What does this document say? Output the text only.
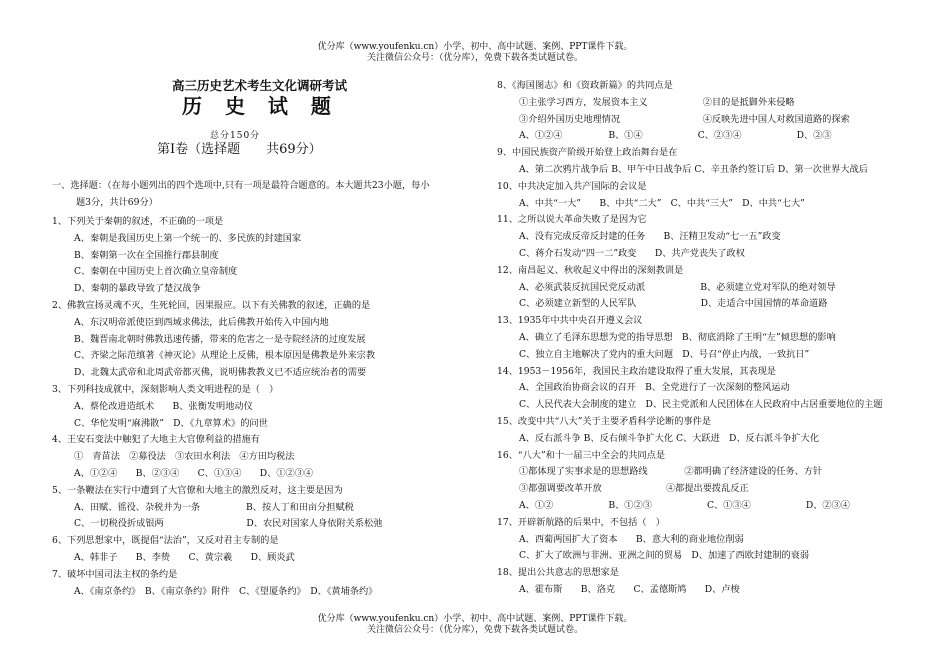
优分库（www.youfenku.cn）小学、初中、高中试题、案例、PPT课件下载。
关注微信公众号：（优分库），免费下载各类试题试卷。
高三历史艺术考生文化调研考试
历 史 试 题
总分150分
第Ⅰ卷（选择题　　共69分）
一、选择题：（在每小题列出的四个选项中,只有一项是最符合题意的。本大题共23小题，每小
题3分，共计69分）
1、下列关于秦朝的叙述，不正确的一项是
A、秦朝是我国历史上第一个统一的、多民族的封建国家
B、秦朝第一次在全国推行郡县制度
C、秦朝在中国历史上首次确立皇帝制度
D、秦朝的暴政导致了楚汉战争
2、佛教宣扬灵魂不灭，生死轮回，因果报应。以下有关佛教的叙述，正确的是
A、东汉明帝派使臣到西域求佛法，此后佛教开始传入中国内地
B、魏晋南北朝时佛教迅速传播，带来的危害之一是寺院经济的过度发展
C、齐梁之际范缜著《神灭论》从理论上反佛，根本原因是佛教是外来宗教
D、北魏太武帝和北周武帝都灭佛，说明佛教教义已不适应统治者的需要
3、下列科技成就中，深刻影响人类文明进程的是（　）
A、蔡伦改进造纸术　　B、张衡发明地动仪
C、华佗发明“麻沸散”　D、《九章算术》的问世
4、王安石变法中触犯了大地主大官僚利益的措施有
①　青苗法　②募役法　③农田水利法　④方田均税法
A、①②④　　B、②③④　　C、①③④　　D、①②③④
5、一条鞭法在实行中遭到了大官僚和大地主的激烈反对，这主要是因为
A、田赋、徭役、杂税并为一条　　　　　B、按人丁和田亩分担赋税
C、一切税役折成银两　　　　　　　　　D、农民对国家人身依附关系松弛
6、下列思想家中，既提倡“法治”，又反对君主专制的是
A、韩非子　　B、李贽　　C、黄宗羲　　D、顾炎武
7、破坏中国司法主权的条约是
A、《南京条约》　B、《南京条约》附件　C、《望厦条约》　D、《黄埔条约》
8、《海国图志》和《资政新篇》的共同点是
①主张学习西方，发展资本主义　　　　　　②目的是抵御外来侵略
③介绍外国历史地理情况　　　　　　　　　④反映先进中国人对救国道路的探索
A、①②④　　　　　B、①④　　　　　　C、②③④　　　　　　D、②③
9、中国民族资产阶级开始登上政治舞台是在
A、第二次鸦片战争后 B、甲午中日战争后 C、辛丑条约签订后 D、第一次世界大战后
10、中共决定加入共产国际的会议是
A、中共“一大”　　B、中共“二大”　C、中共“三大”　D、中共“七大”
11、之所以说大革命失败了是因为它
A、没有完成反帝反封建的任务　　B、汪精卫发动“七一五”政变
C、蒋介石发动“四一二”政变　　D、共产党丧失了政权
12、南昌起义、秋收起义中得出的深刻教训是
A、必须武装反抗国民党反动派　　　　　　B、必须建立党对军队的绝对领导
C、必须建立新型的人民军队　　　　　　　D、走适合中国国情的革命道路
13、1935年中共中央召开遵义会议
A、确立了毛泽东思想为党的指导思想　B、彻底消除了王明“左”倾思想的影响
C、独立自主地解决了党内的重大问题　D、号召“停止内战，一致抗日”
14、1953－1956年，我国民主政治建设取得了重大发展，其表现是
A、全国政治协商会议的召开　B、全党进行了一次深刻的整风运动
C、人民代表大会制度的建立　D、民主党派和人民团体在人民政府中占居重要地位的主题
15、改变中共“八大”关于主要矛盾科学论断的事件是
A、反右派斗争 B、反右倾斗争扩大化 C、大跃进　D、反右派斗争扩大化
16、“八大”和十一届三中全会的共同点是
①都体现了实事求是的思想路线　　　　②都明确了经济建设的任务、方针
③都强调要改革开放　　　　　　　④都提出要拨乱反正
A、①②　　　　　　B、①②③　　　　　　C、①③④　　　　　　D、②③④
17、开辟新航路的后果中，不包括（　）
A、西葡两国扩大了资本　　B、意大利的商业地位削弱
C、扩大了欧洲与非洲、亚洲之间的贸易　D、加速了西欧封建制的衰弱
18、提出公共意志的思想家是
A、霍布斯　　B、洛克　　C、孟德斯鸠　　D、卢梭
优分库（www.youfenku.cn）小学、初中、高中试题、案例、PPT课件下载。
关注微信公众号：（优分库），免费下载各类试题试卷。
